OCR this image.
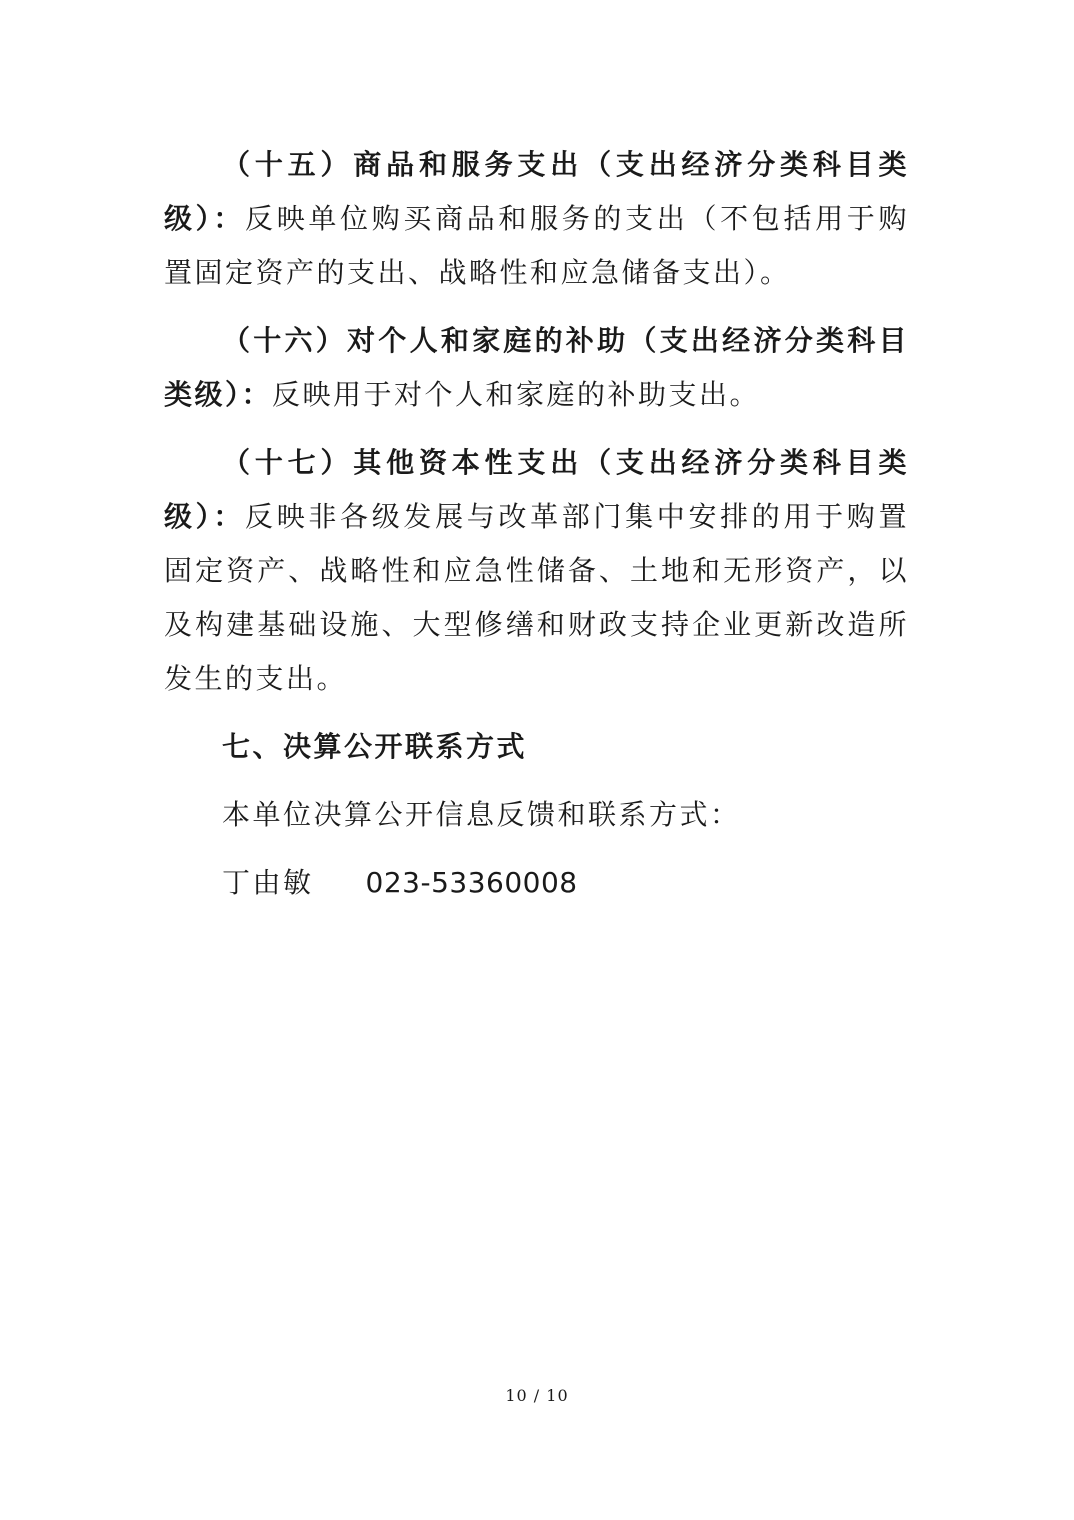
（十五）商品和服务支出（支出经济分类科目类级）：反映单位购买商品和服务的支出（不包括用于购置固定资产的支出、战略性和应急储备支出）。

（十六）对个人和家庭的补助（支出经济分类科目类级）：反映用于对个人和家庭的补助支出。

（十七）其他资本性支出（支出经济分类科目类级）：反映非各级发展与改革部门集中安排的用于购置固定资产、战略性和应急性储备、土地和无形资产，以及构建基础设施、大型修缮和财政支持企业更新改造所发生的支出。

七、决算公开联系方式
本单位决算公开信息反馈和联系方式：
丁由敏 023-53360008
10 / 10
